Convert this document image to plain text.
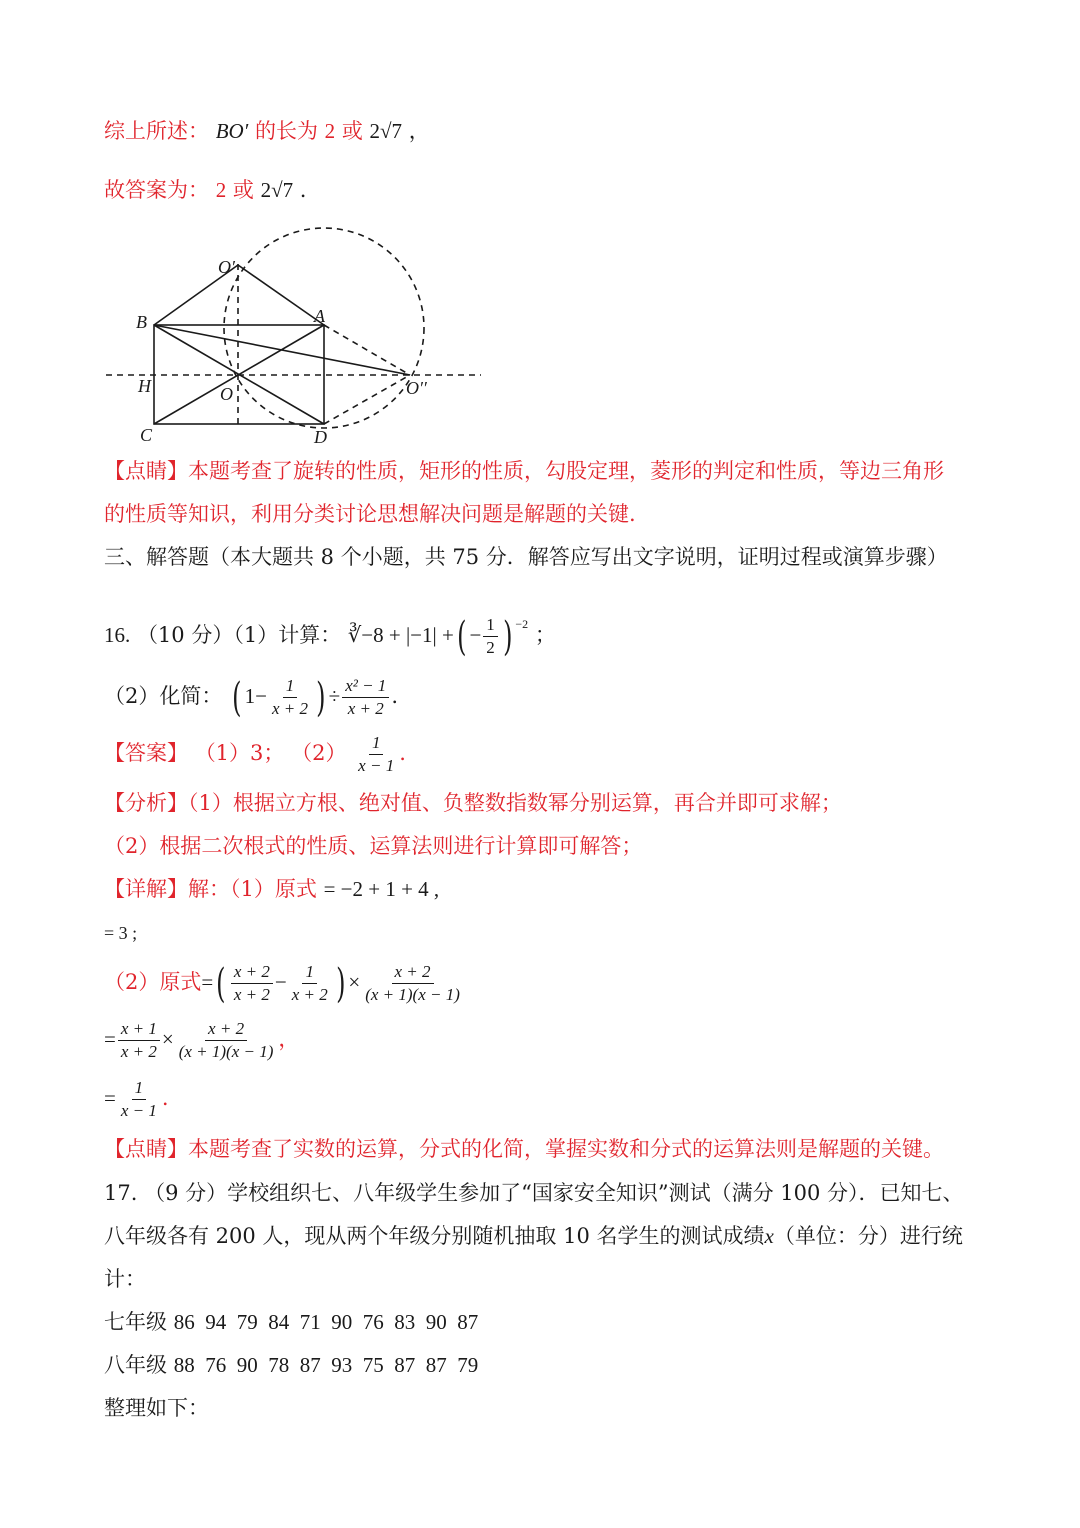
综上所述： BO′ 的长为 2 或 2√7 ，
故答案为： 2 或 2√7 .
O′
B	A
H	O	O′′
C	D
【点睛】本题考查了旋转的性质，矩形的性质，勾股定理，菱形的判定和性质，等边三角形
的性质等知识，利用分类讨论思想解决问题是解题的关键.
三、解答题（本大题共 8 个小题，共 75 分．解答应写出文字说明，证明过程或演算步骤）
16. （10 分）（1）计算： ∛−8 + |−1| +( − $\frac{1}{2}$ ) $^{-2}$ ；
（2）化简： ( $1- \frac{1}{x + 2}$ ) ÷ $\frac{\text{x² − 1}}{x + 2}$ .
【答案】 （1）3； $(2) \frac{1}{x - 1}$ .
【分析】（1）根据立方根、绝对值、负整数指数幂分别运算，再合并即可求解；
（2）根据二次根式的性质、运算法则进行计算即可解答；
【详解】解：（1）原式 = −2 + 1 + 4 ,
= 3 ;
（2）原式=( $\frac{x + 2}{x + 2} - \frac{1}{x + 2}$ ) × $\frac{x + 2}{(x + 1)(x - 1)}$
= $\frac{x + 1}{x + 2} \times \frac{x + 2}{(x + 1)(x - 1)}$ ，
= $\frac{1}{x - 1}$ .
【点睛】本题考查了实数的运算，分式的化简，掌握实数和分式的运算法则是解题的关键。
17. （9 分）学校组织七、八年级学生参加了“国家安全知识”测试（满分 100 分）．已知七、
八年级各有 200 人，现从两个年级分别随机抽取 10 名学生的测试成绩x（单位：分）进行统
计：
七年级 86  94  79  84  71  90  76  83  90  87
八年级 88  76  90  78  87  93  75  87  87  79
整理如下：
